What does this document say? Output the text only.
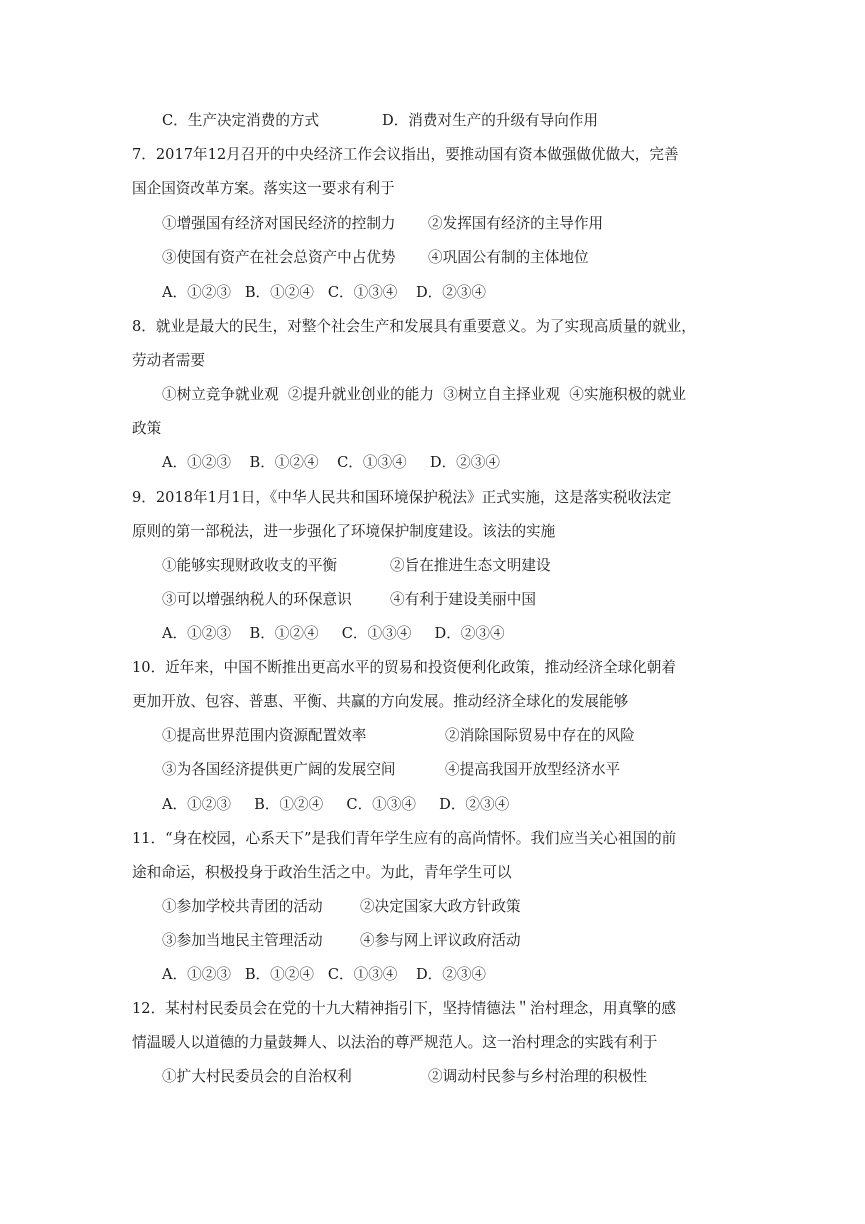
C．生产决定消费的方式

	D．消费对生产的升级有导向作用

7．2017年12月召开的中央经济工作会议指出，要推动国有资本做强做优做大，完善
国企国资改革方案。落实这一要求有利于

①增强国有经济对国民经济的控制力

②发挥国有经济的主导作用

③使国有资产在社会总资产中占优势

④巩固公有制的主体地位

A．①②③   B．①②④   C．①③④    D．②③④
8．就业是最大的民生，对整个社会生产和发展具有重要意义。为了实现高质量的就业，
劳动者需要
①树立竞争就业观  ②提升就业创业的能力  ③树立自主择业观  ④实施积极的就业
政策
A．①②③    B．①②④    C．①③④     D．②③④
9．2018年1月1日，《中华人民共和国环境保护税法》正式实施，这是落实税收法定
原则的第一部税法，进一步强化了环境保护制度建设。该法的实施

①能够实现财政收支的平衡

	②旨在推进生态文明建设

③可以增强纳税人的环保意识

	④有利于建设美丽中国

A．①②③    B．①②④     C．①③④     D．②③④
10．近年来，中国不断推出更高水平的贸易和投资便利化政策，推动经济全球化朝着
更加开放、包容、普惠、平衡、共赢的方向发展。推动经济全球化的发展能够

①提高世界范围内资源配置效率

	②消除国际贸易中存在的风险

③为各国经济提供更广阔的发展空间

	④提高我国开放型经济水平

A．①②③     B．①②④     C．①③④     D．②③④
11．“身在校园，心系天下”是我们青年学生应有的高尚情怀。我们应当关心祖国的前
途和命运，积极投身于政治生活之中。为此，青年学生可以

①参加学校共青团的活动

	②决定国家大政方针政策

③参加当地民主管理活动

	④参与网上评议政府活动

A．①②③   B．①②④   C．①③④    D．②③④
12．某村村民委员会在党的十九大精神指引下，坚持情德法＂治村理念，用真擎的感
情温暖人以道德的力量鼓舞人、以法治的尊严规范人。这一治村理念的实践有利于

①扩大村民委员会的自治权利

	②调动村民参与乡村治理的积极性
